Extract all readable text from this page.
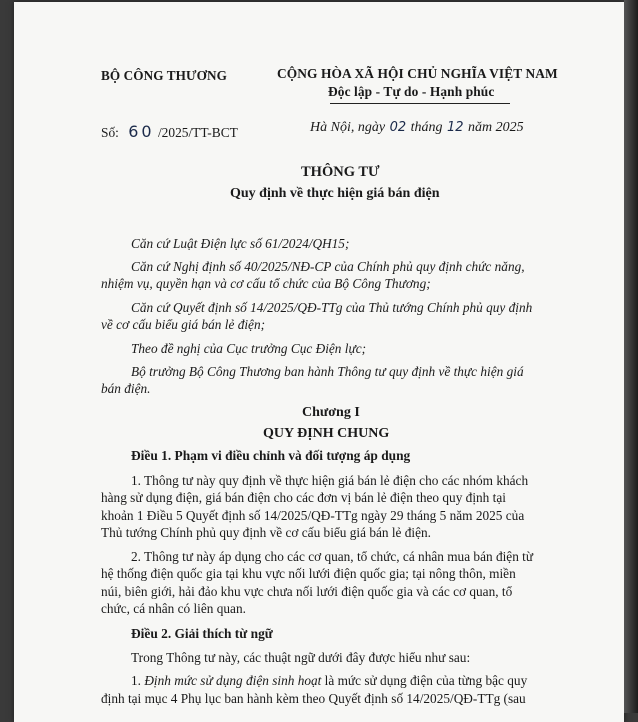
BỘ CÔNG THƯƠNG	CỘNG HÒA XÃ HỘI CHỦ NGHĨA VIỆT NAM
Độc lập - Tự do - Hạnh phúc
Số: 60 /2025/TT-BCT	Hà Nội, ngày 02 tháng 12 năm 2025
THÔNG TƯ
Quy định về thực hiện giá bán điện
Căn cứ Luật Điện lực số 61/2024/QH15;
Căn cứ Nghị định số 40/2025/NĐ-CP của Chính phủ quy định chức năng,
nhiệm vụ, quyền hạn và cơ cấu tổ chức của Bộ Công Thương;
Căn cứ Quyết định số 14/2025/QĐ-TTg của Thủ tướng Chính phủ quy định
về cơ cấu biểu giá bán lẻ điện;
Theo đề nghị của Cục trưởng Cục Điện lực;
Bộ trưởng Bộ Công Thương ban hành Thông tư quy định về thực hiện giá
bán điện.
Chương I
QUY ĐỊNH CHUNG
Điều 1. Phạm vi điều chỉnh và đối tượng áp dụng
1. Thông tư này quy định về thực hiện giá bán lẻ điện cho các nhóm khách
hàng sử dụng điện, giá bán điện cho các đơn vị bán lẻ điện theo quy định tại
khoản 1 Điều 5 Quyết định số 14/2025/QĐ-TTg ngày 29 tháng 5 năm 2025 của
Thủ tướng Chính phủ quy định về cơ cấu biểu giá bán lẻ điện.
2. Thông tư này áp dụng cho các cơ quan, tổ chức, cá nhân mua bán điện từ
hệ thống điện quốc gia tại khu vực nối lưới điện quốc gia; tại nông thôn, miền
núi, biên giới, hải đảo khu vực chưa nối lưới điện quốc gia và các cơ quan, tổ
chức, cá nhân có liên quan.
Điều 2. Giải thích từ ngữ
Trong Thông tư này, các thuật ngữ dưới đây được hiểu như sau:
1. Định mức sử dụng điện sinh hoạt là mức sử dụng điện của từng bậc quy
định tại mục 4 Phụ lục ban hành kèm theo Quyết định số 14/2025/QĐ-TTg (sau
